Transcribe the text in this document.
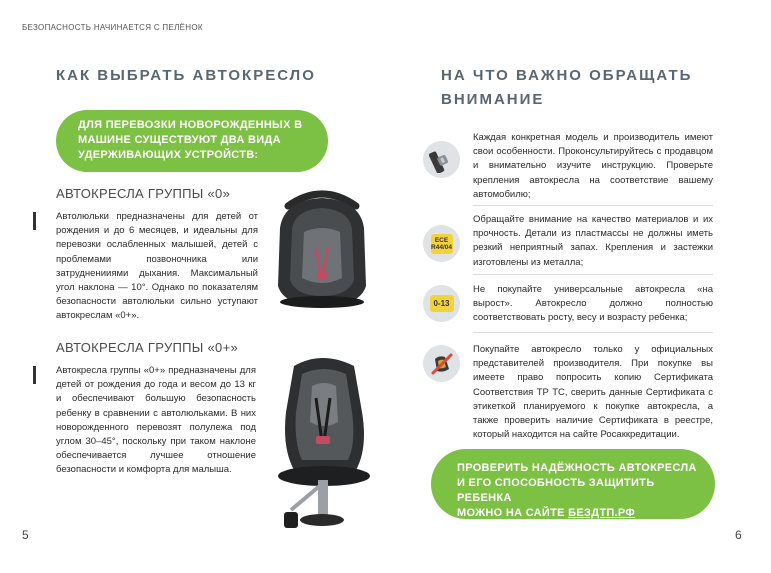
БЕЗОПАСНОСТЬ НАЧИНАЕТСЯ С ПЕЛЁНОК
КАК ВЫБРАТЬ АВТОКРЕСЛО
ДЛЯ ПЕРЕВОЗКИ НОВОРОЖДЕННЫХ В МАШИНЕ СУЩЕСТВУЮТ ДВА ВИДА УДЕРЖИВАЮЩИХ УСТРОЙСТВ:
АВТОКРЕСЛА ГРУППЫ «0»
Автолюльки предназначены для детей от рождения и до 6 месяцев, и идеальны для перевозки ослабленных малышей, детей с проблемами позвоночника или затрудненииями дыхания. Максимальный угол наклона — 10°. Однако по показателям безопасности автолюльки сильно уступают автокреслам «0+».
АВТОКРЕСЛА ГРУППЫ «0+»
Автокресла группы «0+» предназначены для детей от рождения до года и весом до 13 кг и обеспечивают большую безопасность ребенку в сравнении с автолюльками. В них новорожденного перевозят полулежа под углом 30–45°, поскольку при таком наклоне обеспечивается лучшее отношение безопасности и комфорта для малыша.
5
НА ЧТО ВАЖНО ОБРАЩАТЬ ВНИМАНИЕ
Каждая конкретная модель и производитель имеют свои особенности. Проконсультируйтесь с продавцом и внимательно изучите инструкцию. Проверьте крепления автокресла на соответствие вашему автомобилю;
ECE
R44/04
Обращайте внимание на качество материалов и их прочность. Детали из пластмассы не должны иметь резкий неприятный запах. Крепления и застежки изготовлены из металла;
0-13
Не покупайте универсальные автокресла «на вырост». Автокресло должно полностью соответствовать росту, весу и возрасту ребенка;
Покупайте автокресло только у официальных представителей производителя. При покупке вы имеете право попросить копию Сертификата Соответствия ТР ТС, сверить данные Сертификата с этикеткой планируемого к покупке автокресла, а также проверить наличие Сертификата в реестре, который находится на сайте Росаккредитации.
ПРОВЕРИТЬ НАДЁЖНОСТЬ АВТОКРЕСЛА
И ЕГО СПОСОБНОСТЬ ЗАЩИТИТЬ РЕБЕНКА
МОЖНО НА САЙТЕ БЕЗДТП.РФ
6
